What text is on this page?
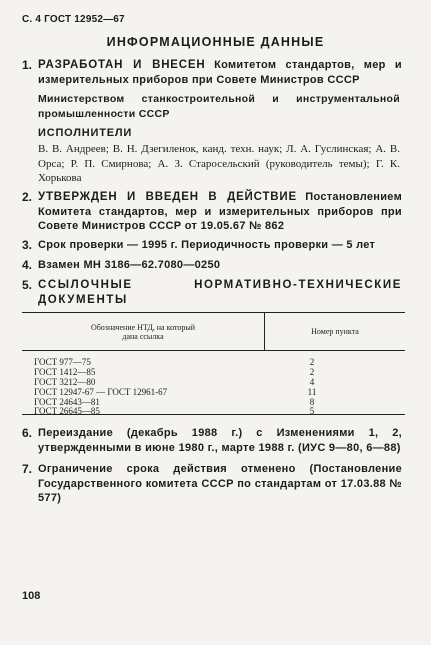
С. 4 ГОСТ 12952—67
ИНФОРМАЦИОННЫЕ ДАННЫЕ
1. РАЗРАБОТАН И ВНЕСЕН Комитетом стандартов, мер и измерительных приборов при Совете Министров СССР
Министерством станкостроительной и инструментальной промышленности СССР
ИСПОЛНИТЕЛИ
В. В. Андреев; В. Н. Дзегиленок, канд. техн. наук; Л. А. Гуслинская; А. В. Орса; Р. П. Смирнова; А. З. Старосельский (руководитель темы); Г. К. Хорькова
2. УТВЕРЖДЕН И ВВЕДЕН В ДЕЙСТВИЕ Постановлением Комитета стандартов, мер и измерительных приборов при Совете Министров СССР от 19.05.67 № 862
3. Срок проверки — 1995 г. Периодичность проверки — 5 лет
4. Взамен МН 3186—62.7080—0250
5. ССЫЛОЧНЫЕ НОРМАТИВНО-ТЕХНИЧЕСКИЕ ДОКУМЕНТЫ
Обозначение НТД, на который
дана ссылка
Номер пункта
ГОСТ 977—75	2
ГОСТ 1412—85	2
ГОСТ 3212—80	4
ГОСТ 12947-67 — ГОСТ 12961-67	11
ГОСТ 24643—81	8
ГОСТ 26645—85	5
6. Переиздание (декабрь 1988 г.) с Изменениями 1, 2, утвержденными в июне 1980 г., марте 1988 г. (ИУС 9—80, 6—88)
7. Ограничение срока действия отменено (Постановление Государственного комитета СССР по стандартам от 17.03.88 № 577)
108
